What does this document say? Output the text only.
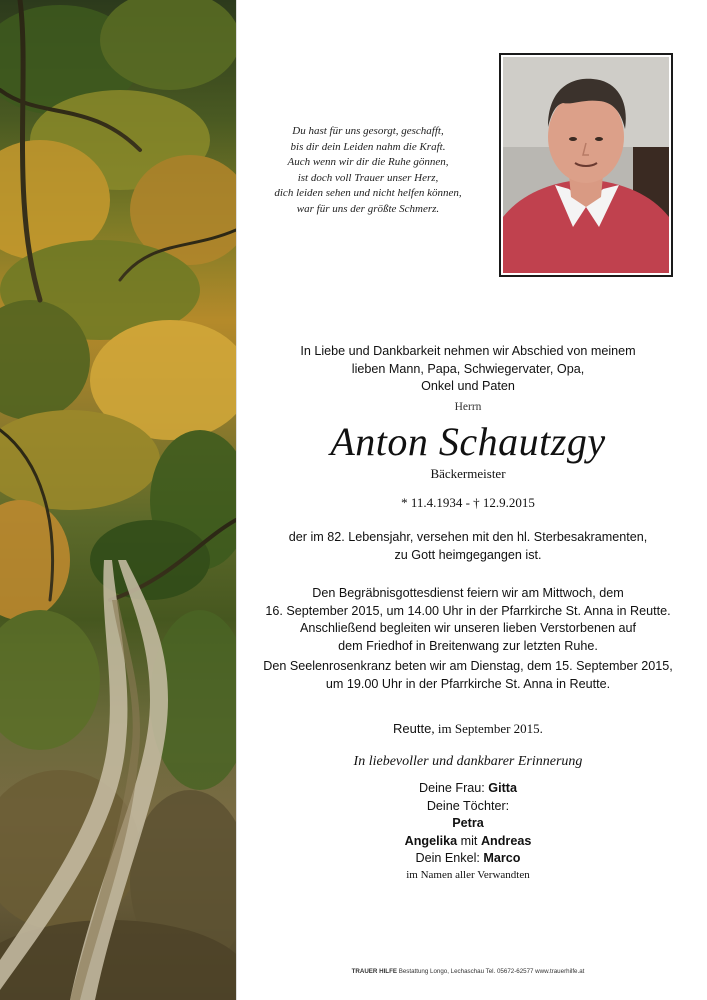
Du hast für uns gesorgt, geschafft,
bis dir dein Leiden nahm die Kraft.
Auch wenn wir dir die Ruhe gönnen,
ist doch voll Trauer unser Herz,
dich leiden sehen und nicht helfen können,
war für uns der größte Schmerz.
In Liebe und Dankbarkeit nehmen wir Abschied von meinem
lieben Mann, Papa, Schwiegervater, Opa,
Onkel und Paten
Herrn
Anton Schautzgy
Bäckermeister
* 11.4.1934 - † 12.9.2015
der im 82. Lebensjahr, versehen mit den hl. Sterbesakramenten,
zu Gott heimgegangen ist.
Den Begräbnisgottesdienst feiern wir am Mittwoch, dem
16. September 2015, um 14.00 Uhr in der Pfarrkirche St. Anna in Reutte.
Anschließend begleiten wir unseren lieben Verstorbenen auf
dem Friedhof in Breitenwang zur letzten Ruhe.
Den Seelenrosenkranz beten wir am Dienstag, dem 15. September 2015,
um 19.00 Uhr in der Pfarrkirche St. Anna in Reutte.
Reutte, im September 2015.
In liebevoller und dankbarer Erinnerung
Deine Frau: Gitta
Deine Töchter:
Petra
Angelika mit Andreas
Dein Enkel: Marco
im Namen aller Verwandten
TRAUER HILFE Bestattung Longo, Lechaschau Tel. 05672-62577 www.trauerhilfe.at
